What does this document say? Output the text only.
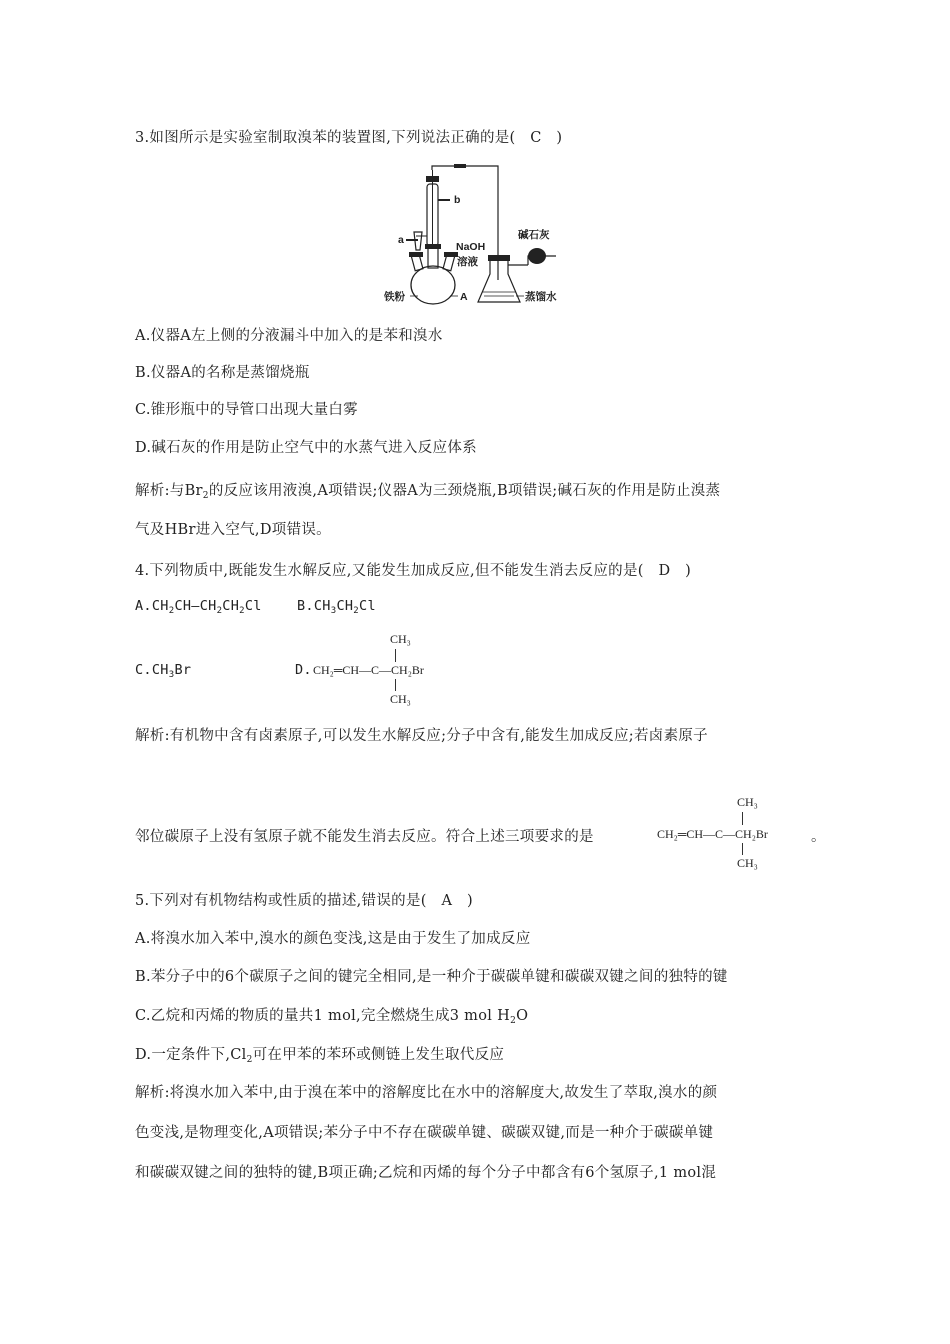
3.如图所示是实验室制取溴苯的装置图,下列说法正确的是( C )
b
a
NaOH
溶液
碱石灰
铁粉	A	蒸馏水
A.仪器A左上侧的分液漏斗中加入的是苯和溴水
B.仪器A的名称是蒸馏烧瓶
C.锥形瓶中的导管口出现大量白雾
D.碱石灰的作用是防止空气中的水蒸气进入反应体系
解析:与$Br_2$的反应该用液溴,A项错误;仪器A为三颈烧瓶,B项错误;碱石灰的作用是防止溴蒸
气及HBr进入空气,D项错误。
4.下列物质中,既能发生水解反应,又能发生加成反应,但不能发生消去反应的是( D )
$A.CH_2CH—CH_2CH_2Cl$	$B.CH_3CH_2Cl$
$C.CH_3Br$	D.
CH₃
CH₂═CH—C—CH₂Br
CH₃
解析:有机物中含有卤素原子,可以发生水解反应;分子中含有,能发生加成反应;若卤素原子
邻位碳原子上没有氢原子就不能发生消去反应。符合上述三项要求的是
CH₃
CH₂═CH—C—CH₂Br
CH₃
。
5.下列对有机物结构或性质的描述,错误的是( A )
A.将溴水加入苯中,溴水的颜色变浅,这是由于发生了加成反应
B.苯分子中的6个碳原子之间的键完全相同,是一种介于碳碳单键和碳碳双键之间的独特的键
C.乙烷和丙烯的物质的量共1 mol,完全燃烧生成3 mol $H_2O$
D.一定条件下$,Cl_2$可在甲苯的苯环或侧链上发生取代反应
解析:将溴水加入苯中,由于溴在苯中的溶解度比在水中的溶解度大,故发生了萃取,溴水的颜
色变浅,是物理变化,A项错误;苯分子中不存在碳碳单键、碳碳双键,而是一种介于碳碳单键
和碳碳双键之间的独特的键,B项正确;乙烷和丙烯的每个分子中都含有6个氢原子,1 mol混
